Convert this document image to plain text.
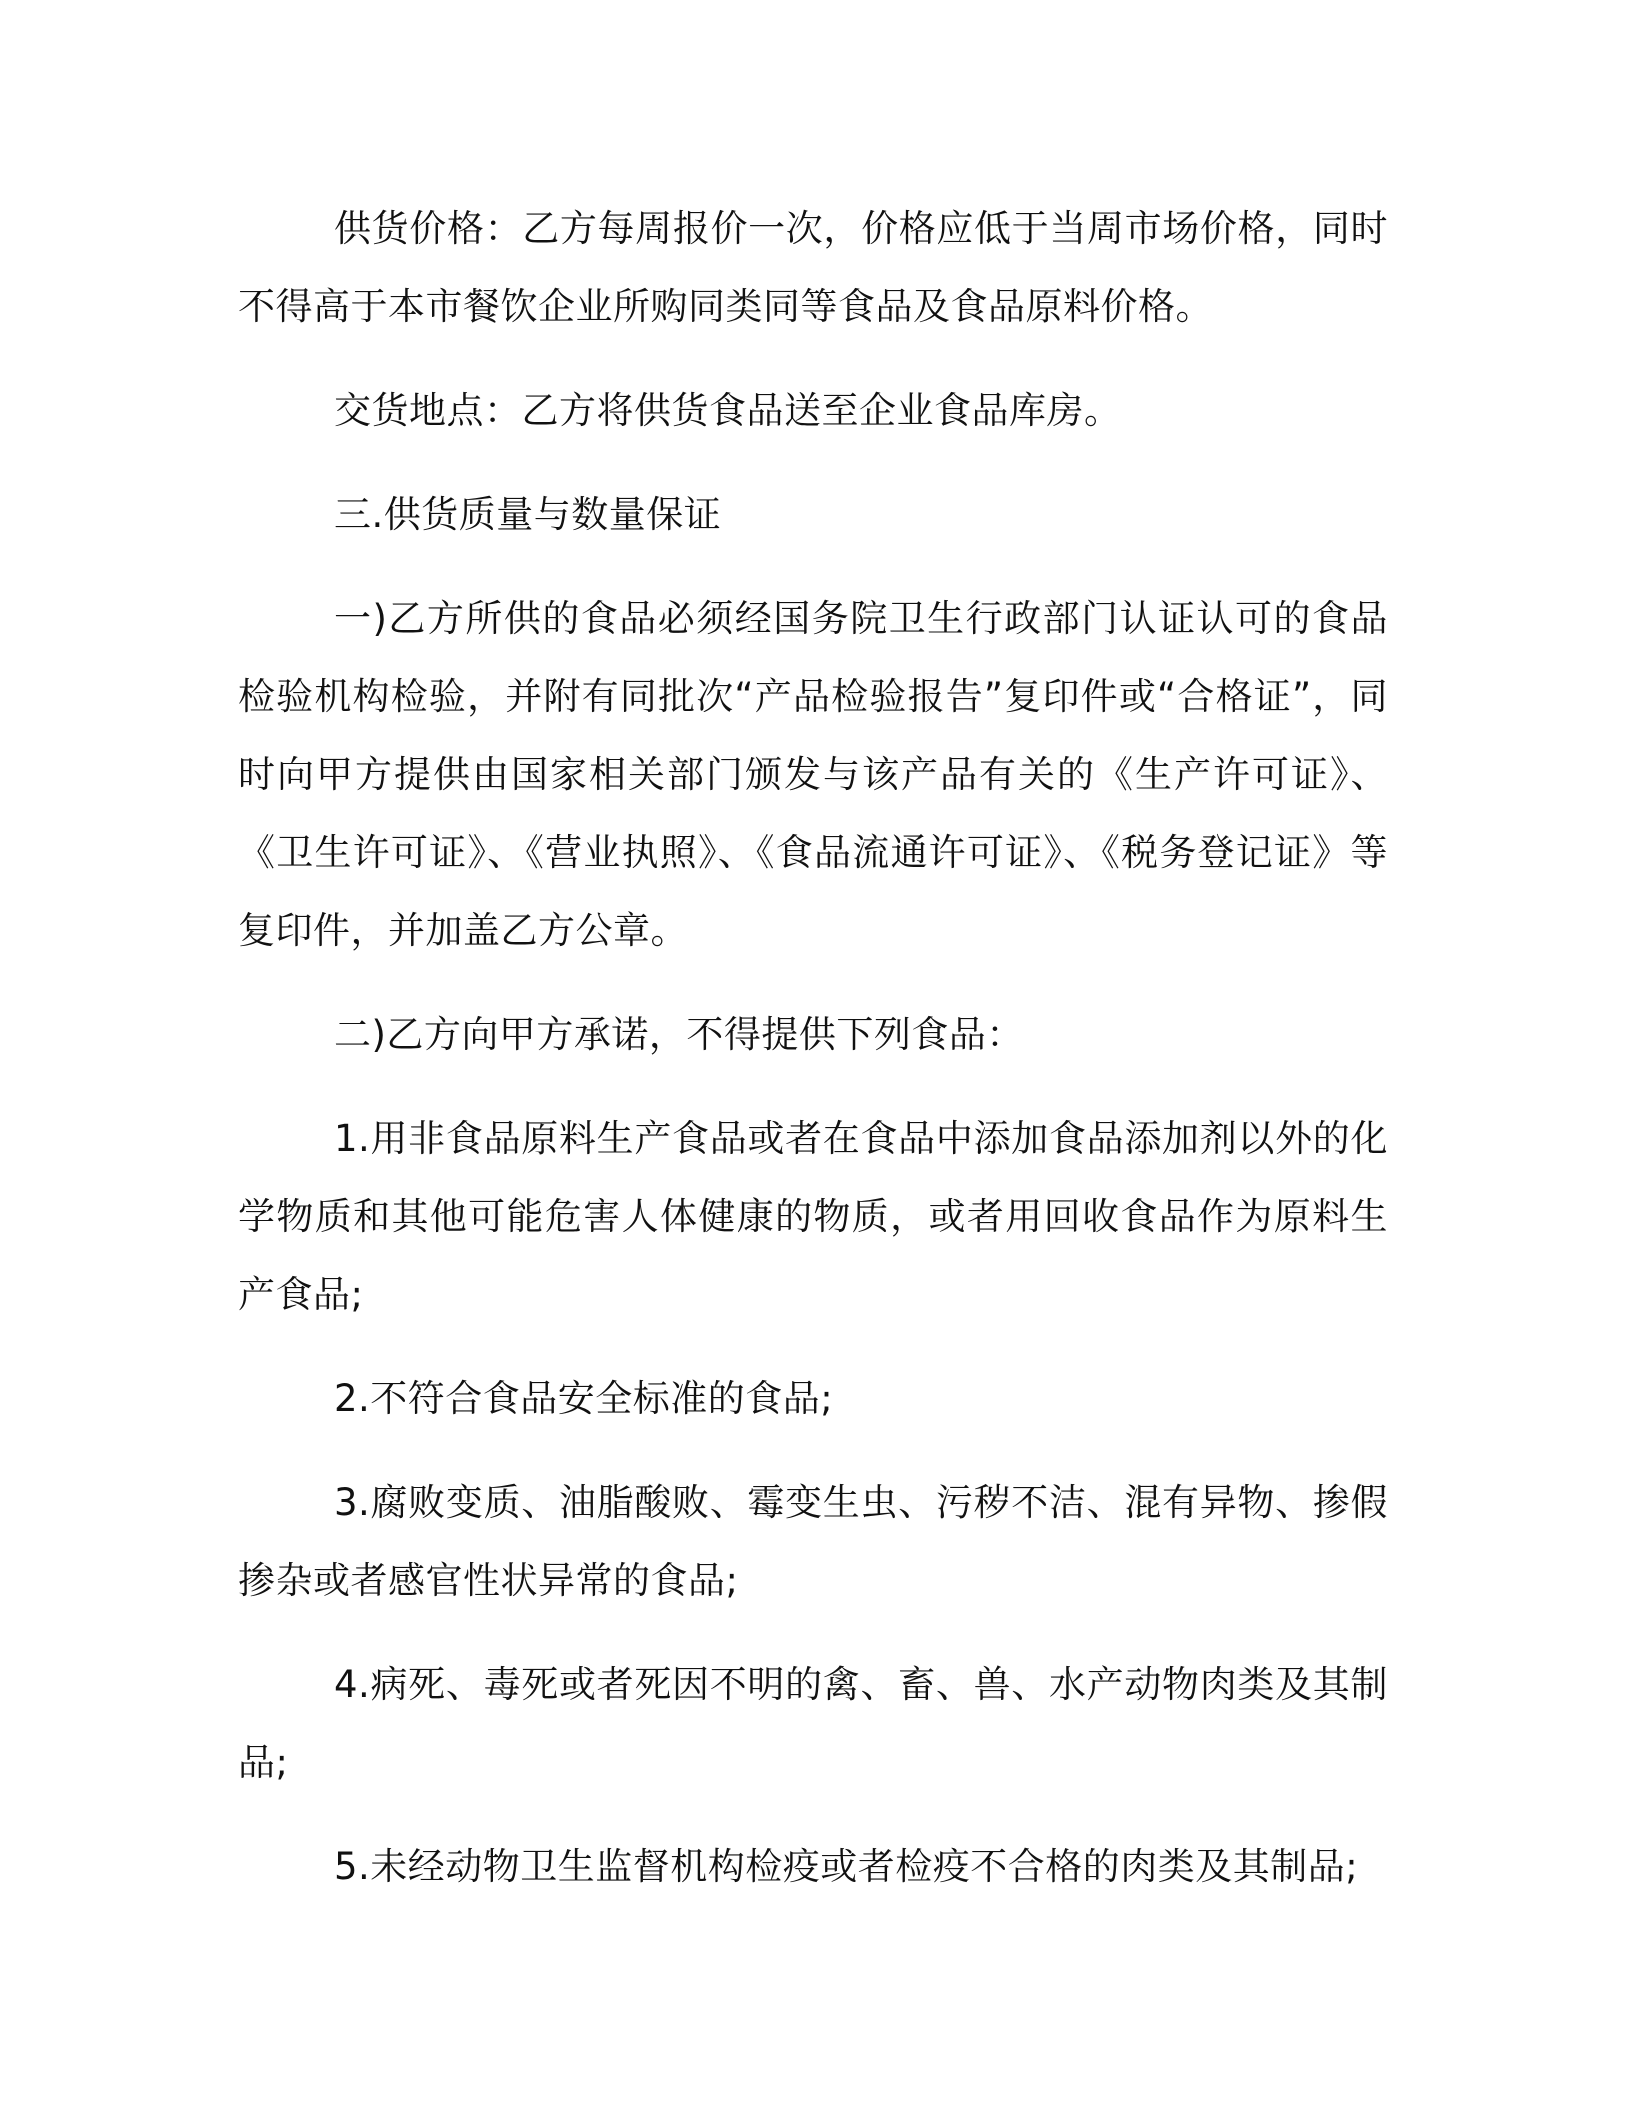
供货价格：乙方每周报价一次，价格应低于当周市场价格，同时不得高于本市餐饮企业所购同类同等食品及食品原料价格。

交货地点：乙方将供货食品送至企业食品库房。

三.供货质量与数量保证

一)乙方所供的食品必须经国务院卫生行政部门认证认可的食品检验机构检验，并附有同批次“产品检验报告”复印件或“合格证”，同时向甲方提供由国家相关部门颁发与该产品有关的《生产许可证》、《卫生许可证》、《营业执照》、《食品流通许可证》、《税务登记证》等复印件，并加盖乙方公章。

二)乙方向甲方承诺，不得提供下列食品：

1.用非食品原料生产食品或者在食品中添加食品添加剂以外的化学物质和其他可能危害人体健康的物质，或者用回收食品作为原料生产食品;

2.不符合食品安全标准的食品;

3.腐败变质、油脂酸败、霉变生虫、污秽不洁、混有异物、掺假掺杂或者感官性状异常的食品;

4.病死、毒死或者死因不明的禽、畜、兽、水产动物肉类及其制品;

5.未经动物卫生监督机构检疫或者检疫不合格的肉类及其制品;
